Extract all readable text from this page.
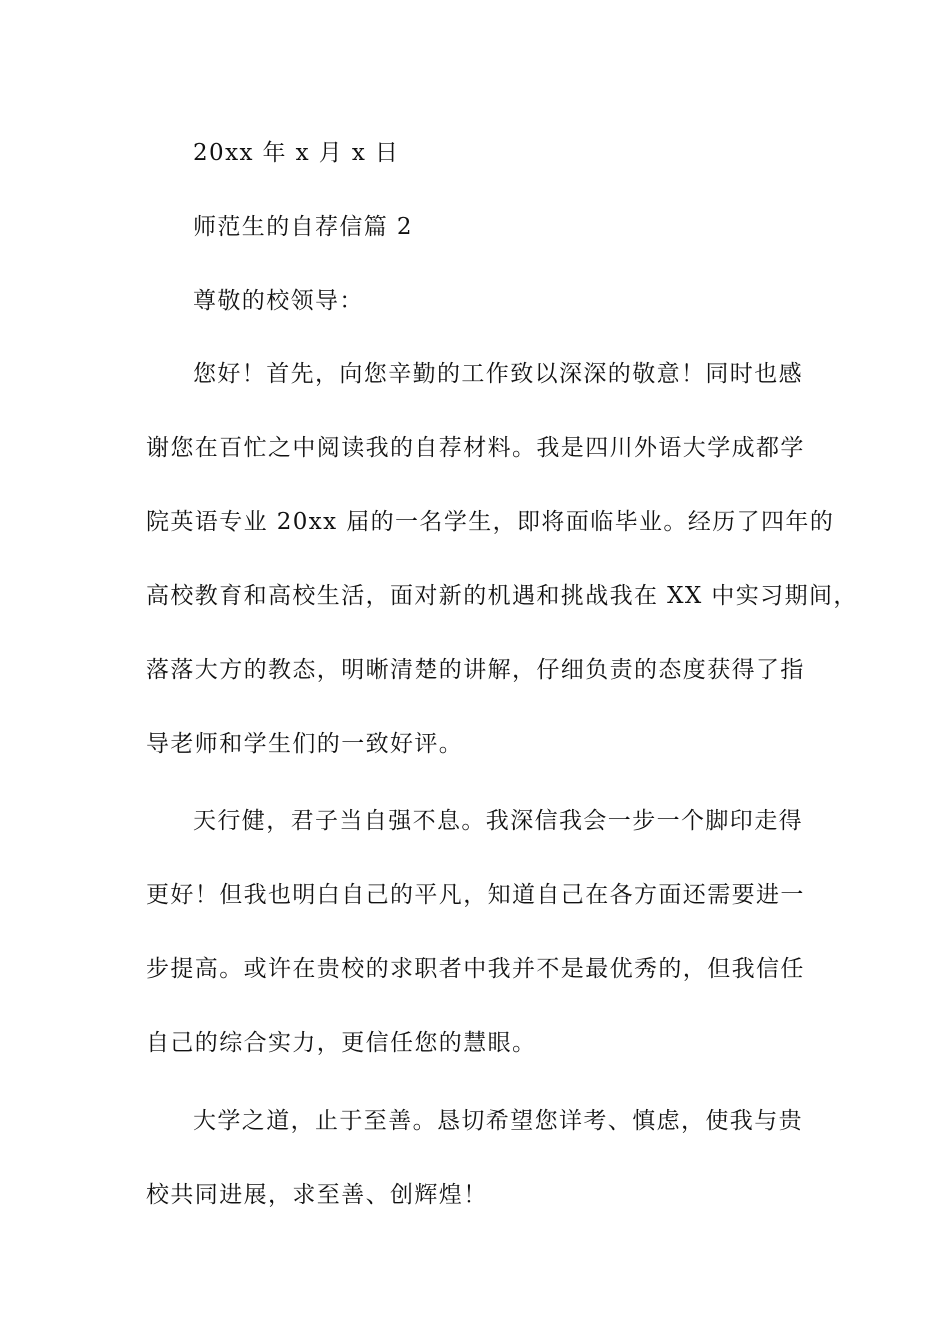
20xx 年 x 月 x 日
师范生的自荐信篇 2
尊敬的校领导：
您好！首先，向您辛勤的工作致以深深的敬意！同时也感
谢您在百忙之中阅读我的自荐材料。我是四川外语大学成都学
院英语专业 20xx 届的一名学生，即将面临毕业。经历了四年的
高校教育和高校生活，面对新的机遇和挑战我在 XX 中实习期间，
落落大方的教态，明晰清楚的讲解，仔细负责的态度获得了指
导老师和学生们的一致好评。
天行健，君子当自强不息。我深信我会一步一个脚印走得
更好！但我也明白自己的平凡，知道自己在各方面还需要进一
步提高。或许在贵校的求职者中我并不是最优秀的，但我信任
自己的综合实力，更信任您的慧眼。
大学之道，止于至善。恳切希望您详考、慎虑，使我与贵
校共同进展，求至善、创辉煌！
